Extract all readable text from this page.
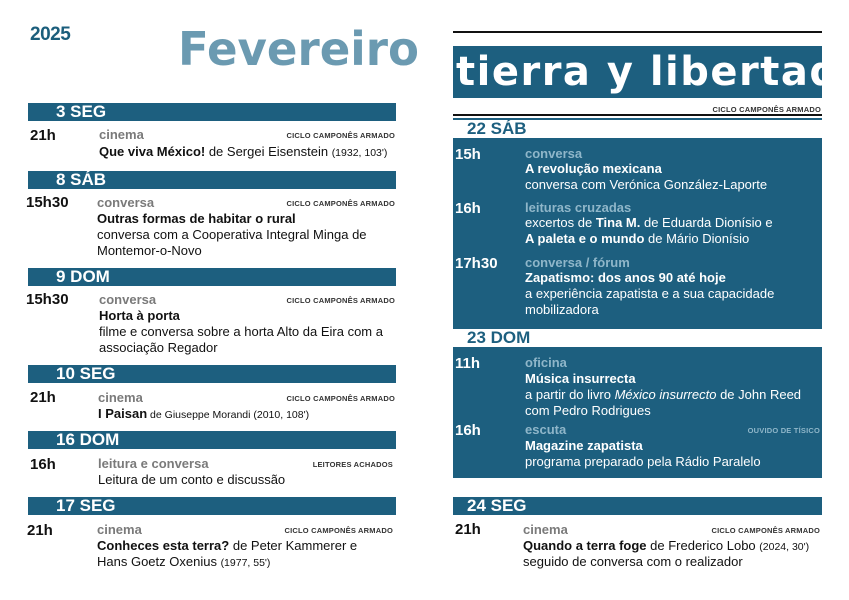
2025 Fevereiro tierra y libertad
CICLO CAMPONÊS ARMADO
3 SEG
21h	cinema	CICLO CAMPONÊS ARMADO
Que viva México! de Sergei Eisenstein (1932, 103')
8 SÁB
15h30 conversa	CICLO CAMPONÊS ARMADO
Outras formas de habitar o rural
conversa com a Cooperativa Integral Minga de
Montemor-o-Novo
9 DOM
15h30 conversa	CICLO CAMPONÊS ARMADO
Horta à porta
filme e conversa sobre a horta Alto da Eira com a
associação Regador
10 SEG
21h	cinema	CICLO CAMPONÊS ARMADO
I Paisan de Giuseppe Morandi (2010, 108')
16 DOM
16h	leitura e conversa	LEITORES ACHADOS
Leitura de um conto e discussão
17 SEG
21h	cinema	CICLO CAMPONÊS ARMADO
Conheces esta terra? de Peter Kammerer e
Hans Goetz Oxenius (1977, 55')
22 SÁB
15h	conversa
A revolução mexicana
conversa com Verónica González-Laporte
16h	leituras cruzadas
excertos de Tina M. de Eduarda Dionísio e
A paleta e o mundo de Mário Dionísio
17h30 conversa / fórum
Zapatismo: dos anos 90 até hoje
a experiência zapatista e a sua capacidade
mobilizadora
23 DOM
11h	oficina
Música insurrecta
a partir do livro México insurrecto de John Reed
com Pedro Rodrigues
16h	escuta	OUVIDO DE TÍSICO
Magazine zapatista
programa preparado pela Rádio Paralelo
24 SEG
21h	cinema	CICLO CAMPONÊS ARMADO
Quando a terra foge de Frederico Lobo (2024, 30')
seguido de conversa com o realizador
